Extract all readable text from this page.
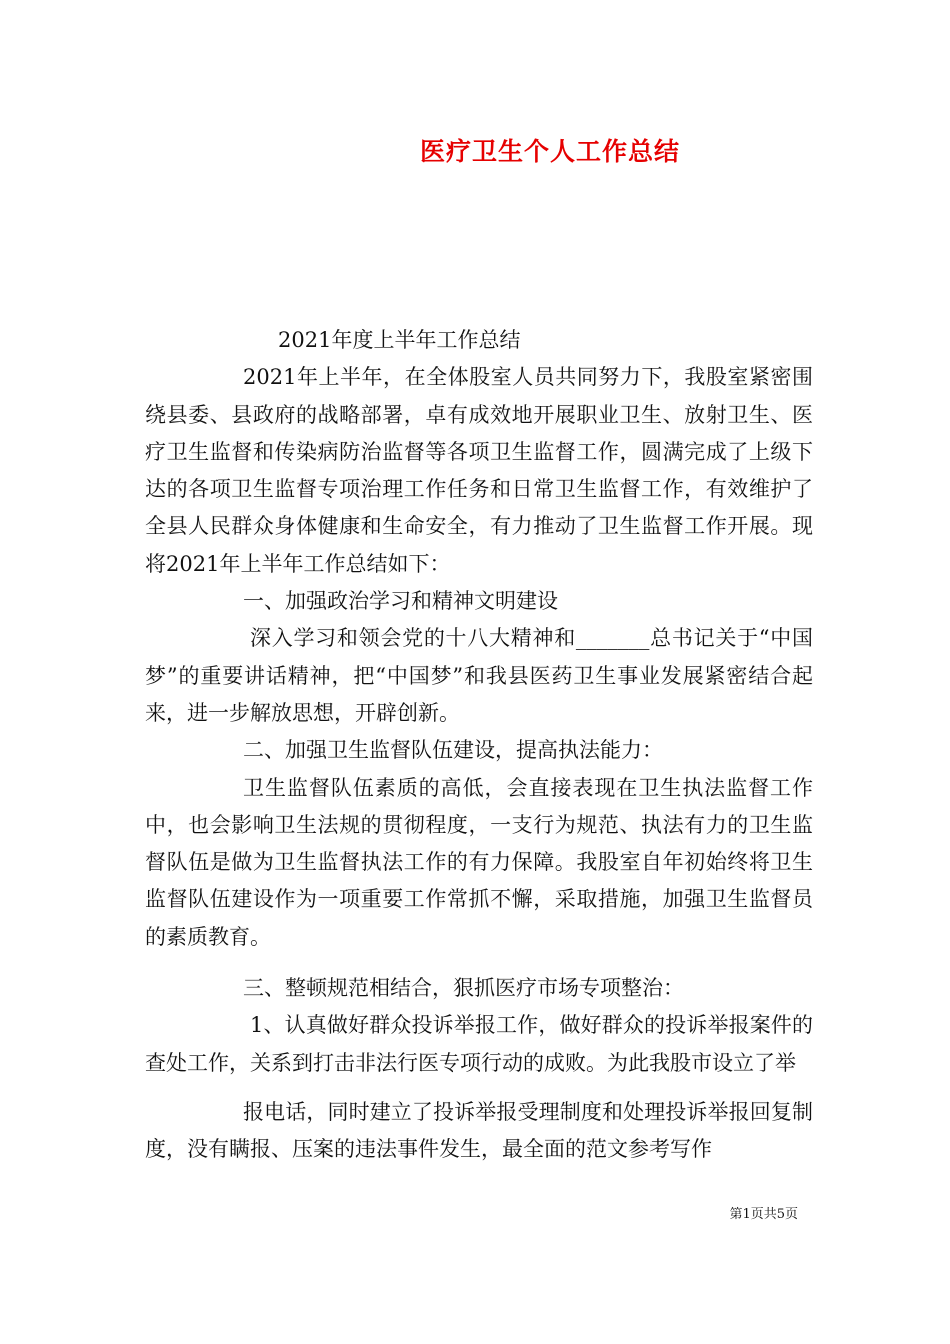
医疗卫生个人工作总结

2021年度上半年工作总结

2021年上半年，在全体股室人员共同努力下，我股室紧密围绕县委、县政府的战略部署，卓有成效地开展职业卫生、放射卫生、医疗卫生监督和传染病防治监督等各项卫生监督工作，圆满完成了上级下达的各项卫生监督专项治理工作任务和日常卫生监督工作，有效维护了全县人民群众身体健康和生命安全，有力推动了卫生监督工作开展。现将2021年上半年工作总结如下：

一、加强政治学习和精神文明建设

深入学习和领会党的十八大精神和_______总书记关于“中国梦”的重要讲话精神，把“中国梦”和我县医药卫生事业发展紧密结合起来，进一步解放思想，开辟创新。

二、加强卫生监督队伍建设，提高执法能力：

卫生监督队伍素质的高低，会直接表现在卫生执法监督工作中，也会影响卫生法规的贯彻程度，一支行为规范、执法有力的卫生监督队伍是做为卫生监督执法工作的有力保障。我股室自年初始终将卫生监督队伍建设作为一项重要工作常抓不懈，采取措施，加强卫生监督员的素质教育。

三、整顿规范相结合，狠抓医疗市场专项整治：

1、认真做好群众投诉举报工作，做好群众的投诉举报案件的查处工作，关系到打击非法行医专项行动的成败。为此我股市设立了举

报电话，同时建立了投诉举报受理制度和处理投诉举报回复制度，没有瞒报、压案的违法事件发生，最全面的范文参考写作

第1页共5页
